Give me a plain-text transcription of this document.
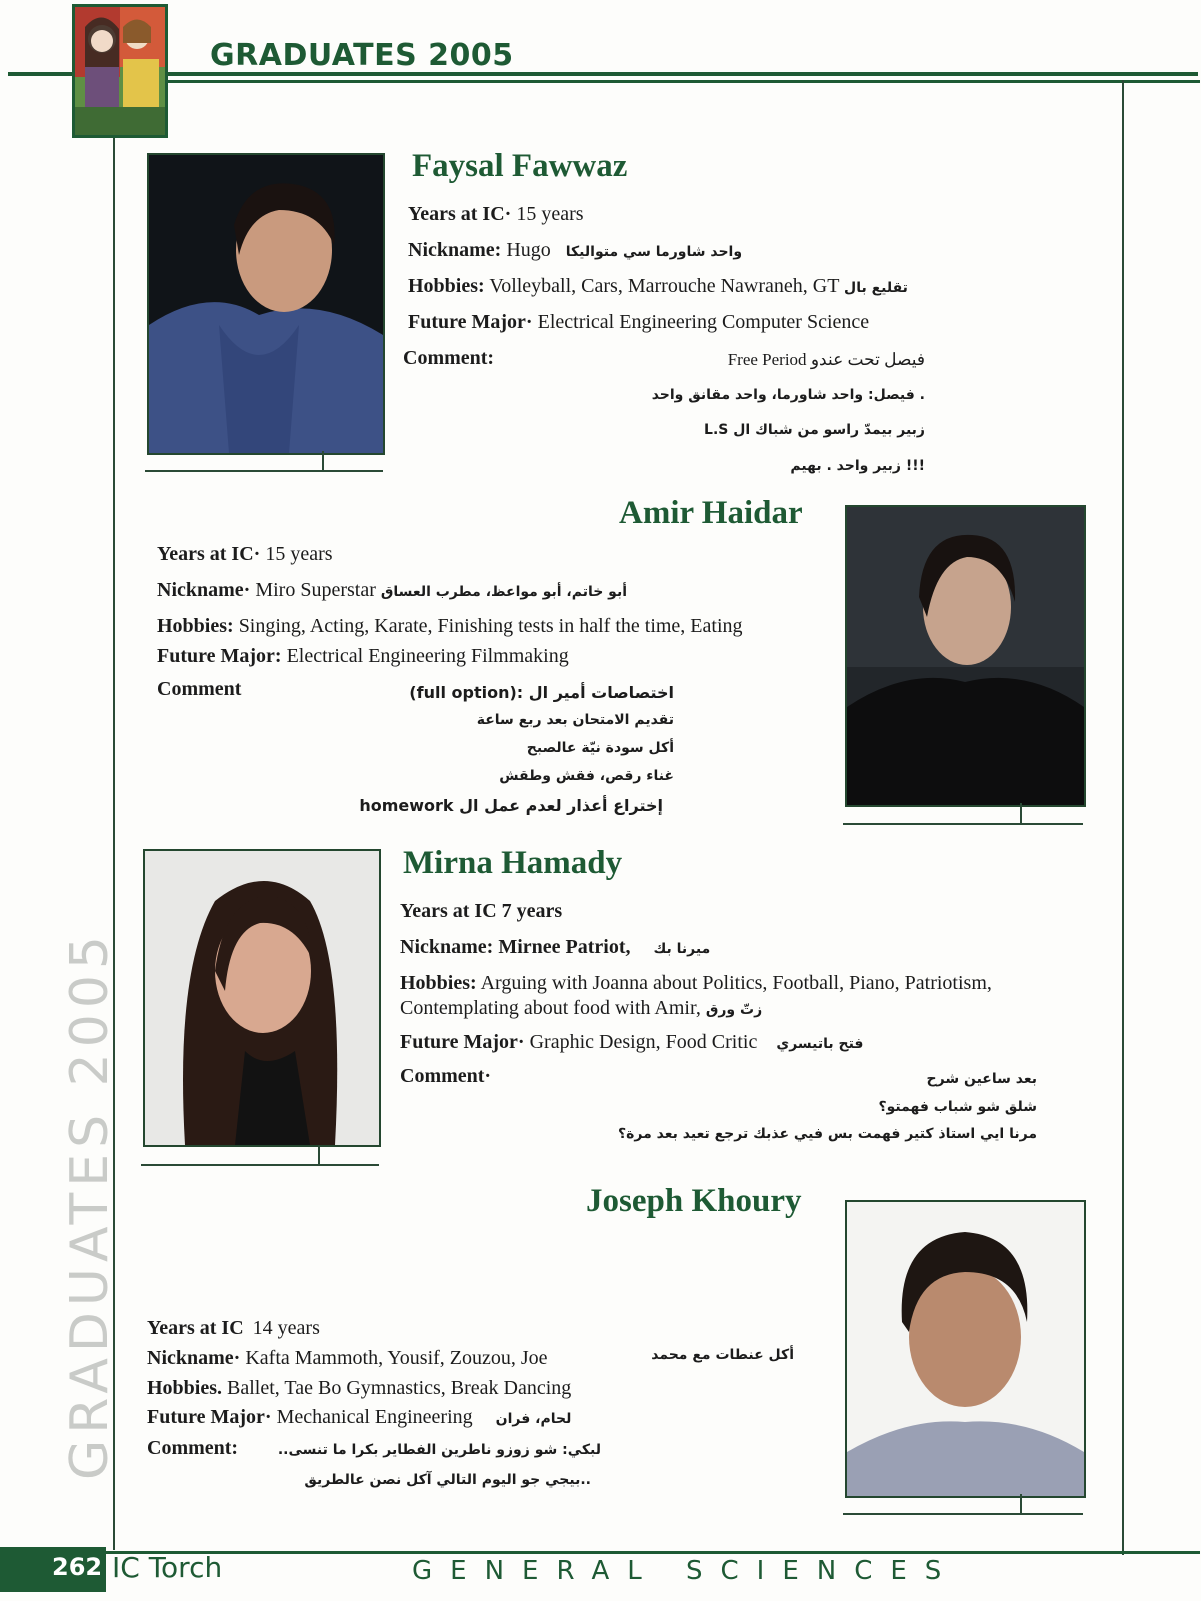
GRADUATES 2005
GRADUATES 2005
Faysal Fawwaz
Years at IC· 15 years
Nickname: Hugo واحد شاورما سي متواليكا
Hobbies: Volleyball, Cars, Marrouche Nawraneh, GT تقليع بال
Future Major· Electrical Engineering Computer Science
Comment:	Free Period فيصل تحت عندو
فيصل: واحد شاورما، واحد مقانق واحد .
L.S زبير بيمدّ راسو من شباك ال
زبير واحد . بهيم !!!
Amir Haidar
Years at IC· 15 years
Nickname· Miro Superstar أبو خاتم، أبو مواعظ، مطرب العساق
Hobbies: Singing, Acting, Karate, Finishing tests in half the time, Eating
Future Major: Electrical Engineering Filmmaking
Comment	(full option): اختصاصات أمير ال
تقديم الامتحان بعد ربع ساعة
أكل سودة نيّة عالصبح
غناء رقص، فقش وطقش
homework إختراع أعذار لعدم عمل ال
Mirna Hamady
Years at IC 7 years
Nickname: Mirnee Patriot, ميرنا بك
Hobbies: Arguing with Joanna about Politics, Football, Piano, Patriotism,
Contemplating about food with Amir, زتّ ورق
Future Major· Graphic Design, Food Critic فتح باتيسري
Comment·	بعد ساعين شرح
شلق شو شباب فهمتو؟
مرنا ايي استاذ كتير فهمت بس فيي عذبك ترجع تعيد بعد مرة؟
Joseph Khoury
Years at IC 14 years
Nickname· Kafta Mammoth, Yousif, Zouzou, Joe	أكل عنطات مع محمد
Hobbies. Ballet, Tae Bo Gymnastics, Break Dancing
Future Major· Mechanical Engineering لحام، فران
Comment:	..لبكي: شو زوزو ناطرين الفطاير بكرا ما تنسى
بيجي جو اليوم التالي آكل نصن عالطريق..
262 IC Torch	GENERAL SCIENCES
